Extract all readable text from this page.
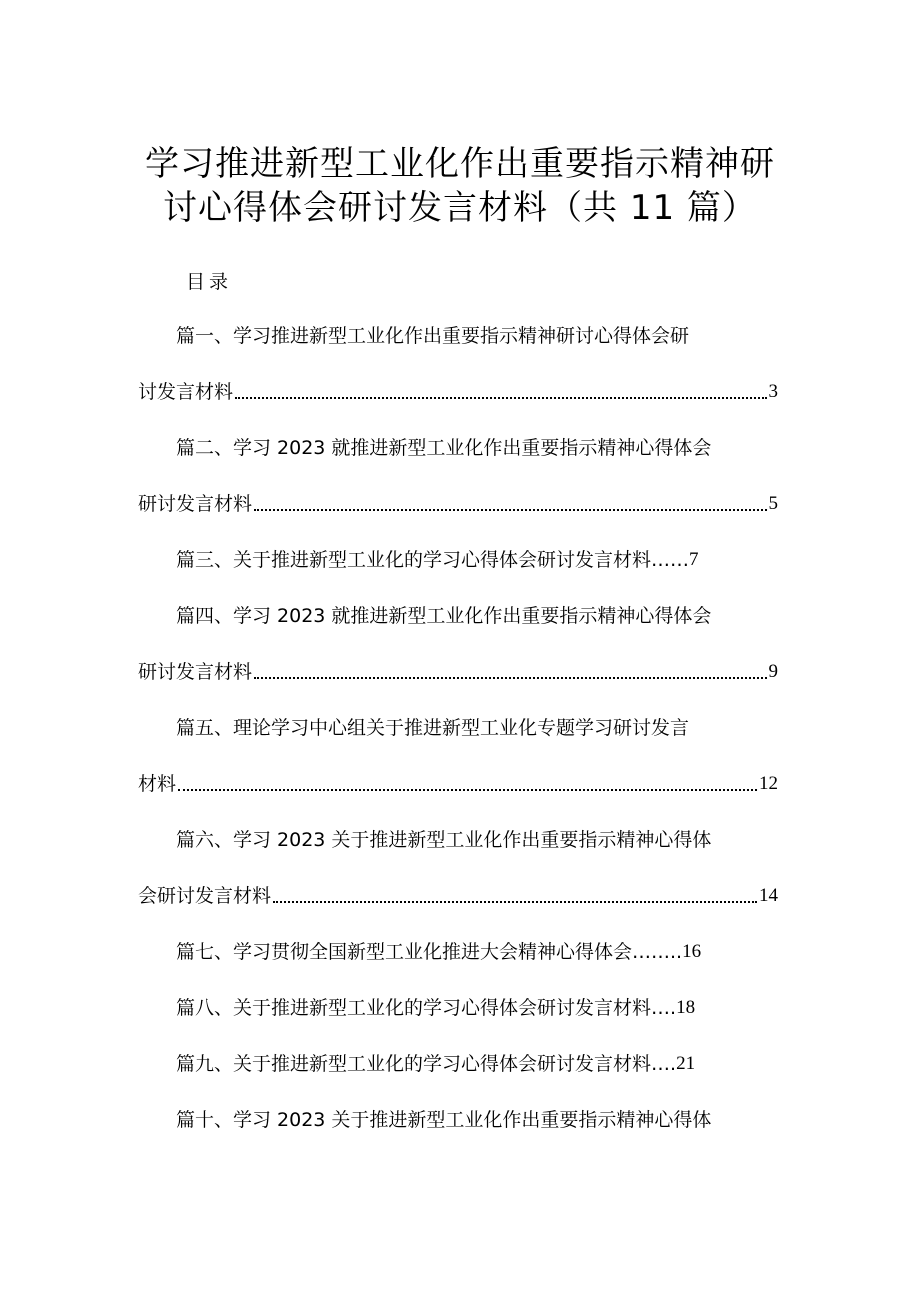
学习推进新型工业化作出重要指示精神研
讨心得体会研讨发言材料（共 11 篇）
目录
篇一、学习推进新型工业化作出重要指示精神研讨心得体会研
讨发言材料	3
篇二、学习 2023 就推进新型工业化作出重要指示精神心得体会
研讨发言材料	5
篇三、关于推进新型工业化的学习心得体会研讨发言材料 …… 7
篇四、学习 2023 就推进新型工业化作出重要指示精神心得体会
研讨发言材料	9
篇五、理论学习中心组关于推进新型工业化专题学习研讨发言
材料	12
篇六、学习 2023 关于推进新型工业化作出重要指示精神心得体
会研讨发言材料	14
篇七、学习贯彻全国新型工业化推进大会精神心得体会 …….. 16
篇八、关于推进新型工业化的学习心得体会研讨发言材料 …. 18
篇九、关于推进新型工业化的学习心得体会研讨发言材料 …. 21
篇十、学习 2023 关于推进新型工业化作出重要指示精神心得体
